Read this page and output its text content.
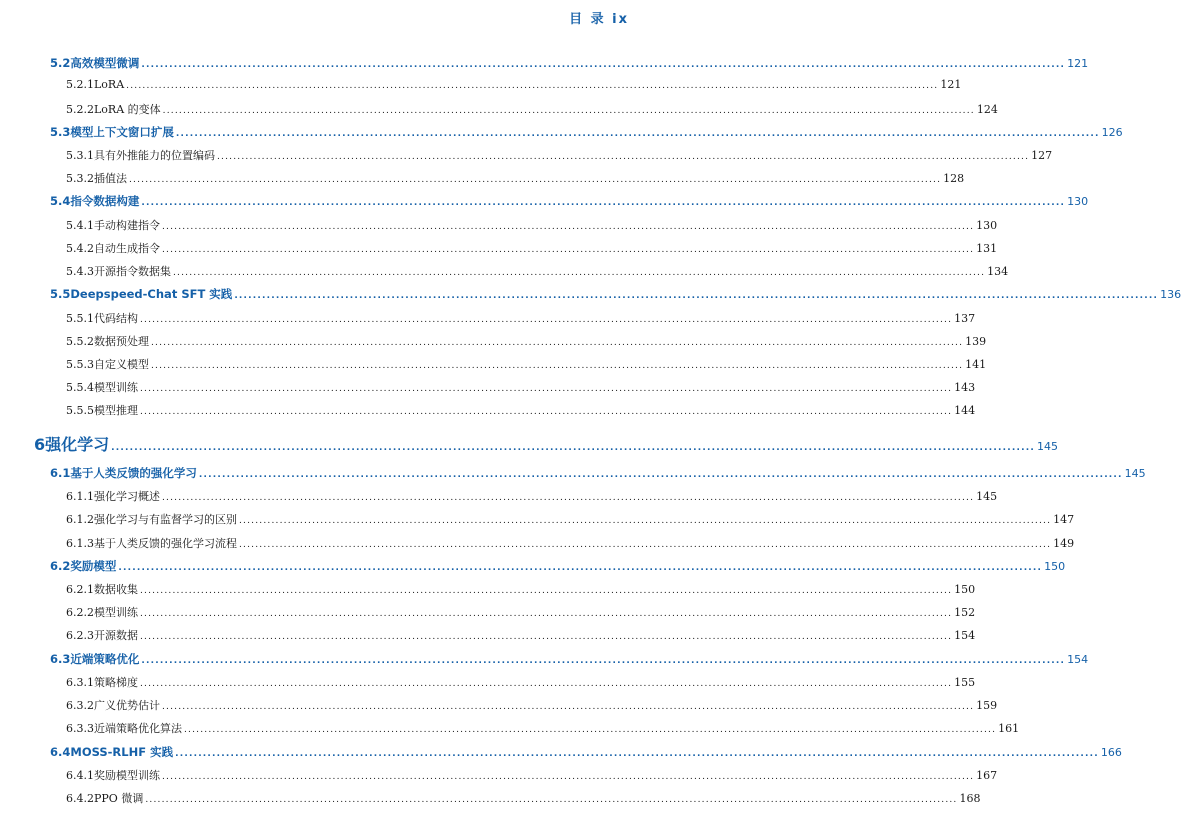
目 录 ix
5.2 高效模型微调 ........................................................................................................................................................................................................ 121
5.2.1 LoRA ........................................................................................................................................................................................................ 121
5.2.2 LoRA 的变体 ........................................................................................................................................................................................................ 124
5.3 模型上下文窗口扩展 ........................................................................................................................................................................................................ 126
5.3.1 具有外推能力的位置编码 ........................................................................................................................................................................................................ 127
5.3.2 插值法 ........................................................................................................................................................................................................ 128
5.4 指令数据构建 ........................................................................................................................................................................................................ 130
5.4.1 手动构建指令 ........................................................................................................................................................................................................ 130
5.4.2 自动生成指令 ........................................................................................................................................................................................................ 131
5.4.3 开源指令数据集 ........................................................................................................................................................................................................ 134
5.5 Deepspeed-Chat SFT 实践 ........................................................................................................................................................................................................ 136
5.5.1 代码结构 ........................................................................................................................................................................................................ 137
5.5.2 数据预处理 ........................................................................................................................................................................................................ 139
5.5.3 自定义模型 ........................................................................................................................................................................................................ 141
5.5.4 模型训练 ........................................................................................................................................................................................................ 143
5.5.5 模型推理 ........................................................................................................................................................................................................ 144
6 强化学习 ........................................................................................................................................................................................................ 145
6.1 基于人类反馈的强化学习 ........................................................................................................................................................................................................ 145
6.1.1 强化学习概述 ........................................................................................................................................................................................................ 145
6.1.2 强化学习与有监督学习的区别 ........................................................................................................................................................................................................ 147
6.1.3 基于人类反馈的强化学习流程 ........................................................................................................................................................................................................ 149
6.2 奖励模型 ........................................................................................................................................................................................................ 150
6.2.1 数据收集 ........................................................................................................................................................................................................ 150
6.2.2 模型训练 ........................................................................................................................................................................................................ 152
6.2.3 开源数据 ........................................................................................................................................................................................................ 154
6.3 近端策略优化 ........................................................................................................................................................................................................ 154
6.3.1 策略梯度 ........................................................................................................................................................................................................ 155
6.3.2 广义优势估计 ........................................................................................................................................................................................................ 159
6.3.3 近端策略优化算法 ........................................................................................................................................................................................................ 161
6.4 MOSS-RLHF 实践 ........................................................................................................................................................................................................ 166
6.4.1 奖励模型训练 ........................................................................................................................................................................................................ 167
6.4.2 PPO 微调 ........................................................................................................................................................................................................ 168
